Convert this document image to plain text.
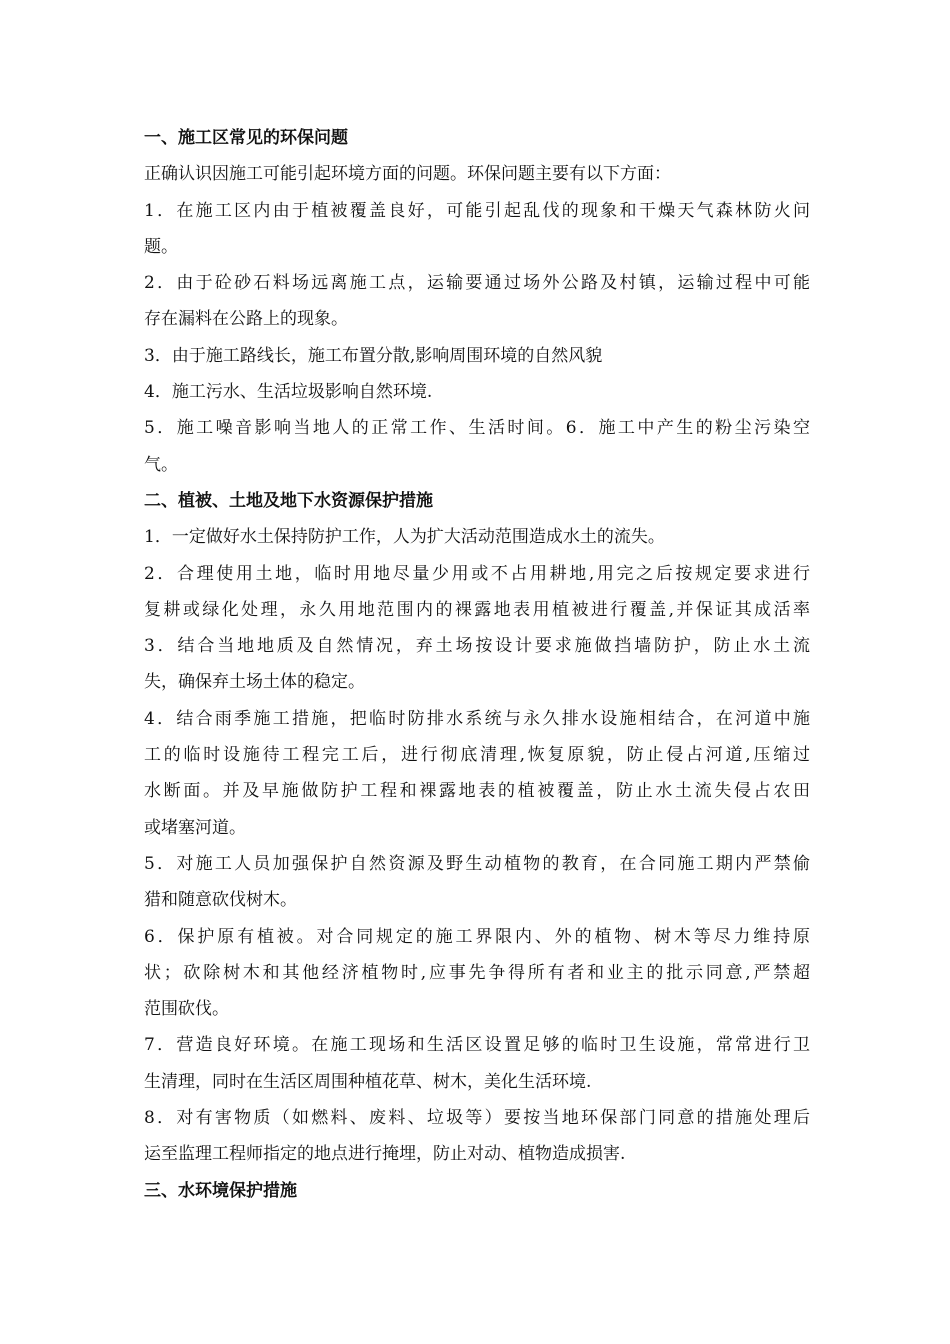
一、施工区常见的环保问题
正确认识因施工可能引起环境方面的问题。环保问题主要有以下方面：
1．在施工区内由于植被覆盖良好，可能引起乱伐的现象和干燥天气森林防火问
题。
2．由于砼砂石料场远离施工点，运输要通过场外公路及村镇，运输过程中可能
存在漏料在公路上的现象。
3．由于施工路线长，施工布置分散,影响周围环境的自然风貌
4．施工污水、生活垃圾影响自然环境.
5．施工噪音影响当地人的正常工作、生活时间。6．施工中产生的粉尘污染空
气。
二、植被、土地及地下水资源保护措施
1．一定做好水土保持防护工作，人为扩大活动范围造成水土的流失。
2．合理使用土地，临时用地尽量少用或不占用耕地,用完之后按规定要求进行
复耕或绿化处理，永久用地范围内的裸露地表用植被进行覆盖,并保证其成活率
3．结合当地地质及自然情况，弃土场按设计要求施做挡墙防护，防止水土流
失，确保弃土场土体的稳定。
4．结合雨季施工措施，把临时防排水系统与永久排水设施相结合，在河道中施
工的临时设施待工程完工后，进行彻底清理,恢复原貌，防止侵占河道,压缩过
水断面。并及早施做防护工程和裸露地表的植被覆盖，防止水土流失侵占农田
或堵塞河道。
5．对施工人员加强保护自然资源及野生动植物的教育，在合同施工期内严禁偷
猎和随意砍伐树木。
6．保护原有植被。对合同规定的施工界限内、外的植物、树木等尽力维持原
状；砍除树木和其他经济植物时,应事先争得所有者和业主的批示同意,严禁超
范围砍伐。
7．营造良好环境。在施工现场和生活区设置足够的临时卫生设施，常常进行卫
生清理，同时在生活区周围种植花草、树木，美化生活环境.
8．对有害物质（如燃料、废料、垃圾等）要按当地环保部门同意的措施处理后
运至监理工程师指定的地点进行掩埋，防止对动、植物造成损害.
三、水环境保护措施
